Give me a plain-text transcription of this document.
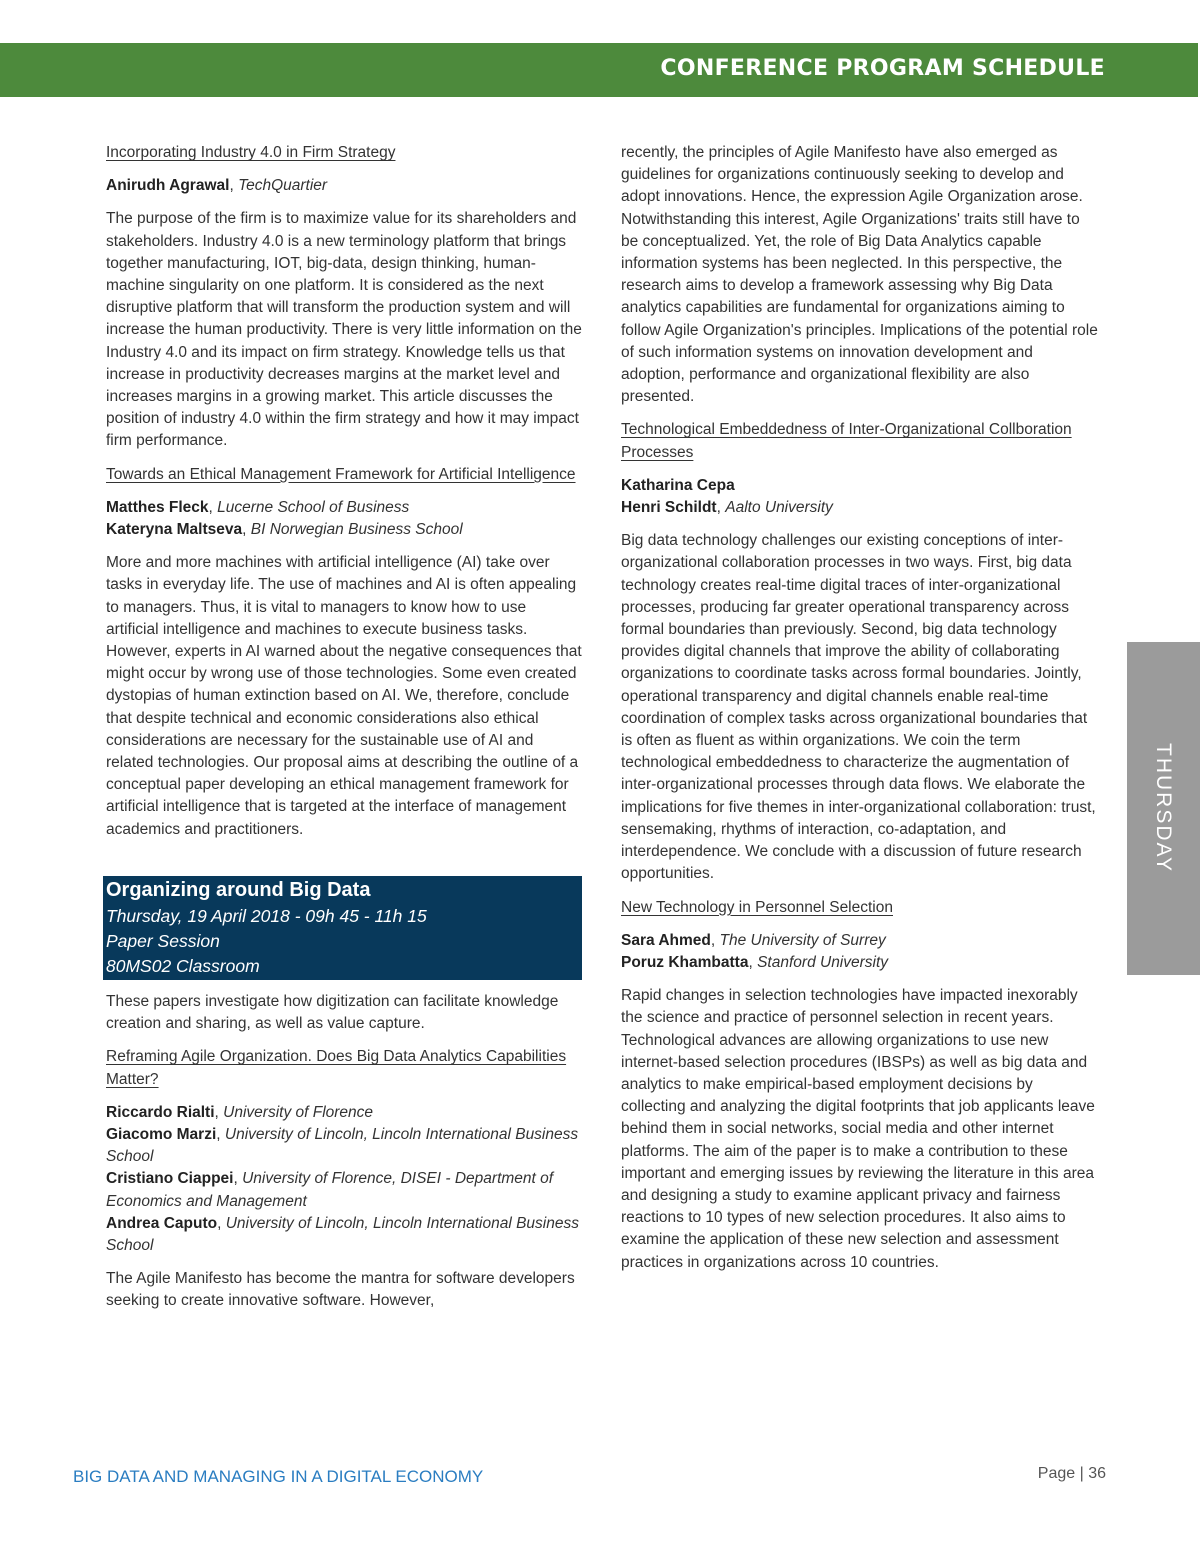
CONFERENCE PROGRAM SCHEDULE
Incorporating Industry 4.0 in Firm Strategy
Anirudh Agrawal, TechQuartier
The purpose of the firm is to maximize value for its shareholders and stakeholders. Industry 4.0 is a new terminology platform that brings together manufacturing, IOT, big-data, design thinking, human-machine singularity on one platform. It is considered as the next disruptive platform that will transform the production system and will increase the human productivity. There is very little information on the Industry 4.0 and its impact on firm strategy. Knowledge tells us that increase in productivity decreases margins at the market level and increases margins in a growing market. This article discusses the position of industry 4.0 within the firm strategy and how it may impact firm performance.
Towards an Ethical Management Framework for Artificial Intelligence
Matthes Fleck, Lucerne School of Business
Kateryna Maltseva, BI Norwegian Business School
More and more machines with artificial intelligence (AI) take over tasks in everyday life. The use of machines and AI is often appealing to managers. Thus, it is vital to managers to know how to use artificial intelligence and machines to execute business tasks. However, experts in AI warned about the negative consequences that might occur by wrong use of those technologies. Some even created dystopias of human extinction based on AI. We, therefore, conclude that despite technical and economic considerations also ethical considerations are necessary for the sustainable use of AI and related technologies. Our proposal aims at describing the outline of a conceptual paper developing an ethical management framework for artificial intelligence that is targeted at the interface of management academics and practitioners.
Organizing around Big Data
Thursday, 19 April 2018 - 09h 45 - 11h 15
Paper Session
80MS02 Classroom
These papers investigate how digitization can facilitate knowledge creation and sharing, as well as value capture.
Reframing Agile Organization. Does Big Data Analytics Capabilities Matter?
Riccardo Rialti, University of Florence
Giacomo Marzi, University of Lincoln, Lincoln International Business School
Cristiano Ciappei, University of Florence, DISEI - Department of Economics and Management
Andrea Caputo, University of Lincoln, Lincoln International Business School
The Agile Manifesto has become the mantra for software developers seeking to create innovative software. However,
recently, the principles of Agile Manifesto have also emerged as guidelines for organizations continuously seeking to develop and adopt innovations. Hence, the expression Agile Organization arose. Notwithstanding this interest, Agile Organizations' traits still have to be conceptualized. Yet, the role of Big Data Analytics capable information systems has been neglected. In this perspective, the research aims to develop a framework assessing why Big Data analytics capabilities are fundamental for organizations aiming to follow Agile Organization's principles. Implications of the potential role of such information systems on innovation development and adoption, performance and organizational flexibility are also presented.
Technological Embeddedness of Inter-Organizational Collboration Processes
Katharina Cepa
Henri Schildt, Aalto University
Big data technology challenges our existing conceptions of inter-organizational collaboration processes in two ways. First, big data technology creates real-time digital traces of inter-organizational processes, producing far greater operational transparency across formal boundaries than previously. Second, big data technology provides digital channels that improve the ability of collaborating organizations to coordinate tasks across formal boundaries. Jointly, operational transparency and digital channels enable real-time coordination of complex tasks across organizational boundaries that is often as fluent as within organizations. We coin the term technological embeddedness to characterize the augmentation of inter-organizational processes through data flows. We elaborate the implications for five themes in inter-organizational collaboration: trust, sensemaking, rhythms of interaction, co-adaptation, and interdependence. We conclude with a discussion of future research opportunities.
New Technology in Personnel Selection
Sara Ahmed, The University of Surrey
Poruz Khambatta, Stanford University
Rapid changes in selection technologies have impacted inexorably the science and practice of personnel selection in recent years. Technological advances are allowing organizations to use new internet-based selection procedures (IBSPs) as well as big data and analytics to make empirical-based employment decisions by collecting and analyzing the digital footprints that job applicants leave behind them in social networks, social media and other internet platforms. The aim of the paper is to make a contribution to these important and emerging issues by reviewing the literature in this area and designing a study to examine applicant privacy and fairness reactions to 10 types of new selection procedures. It also aims to examine the application of these new selection and assessment practices in organizations across 10 countries.
THURSDAY
BIG DATA AND MANAGING IN A DIGITAL ECONOMY	Page | 36
